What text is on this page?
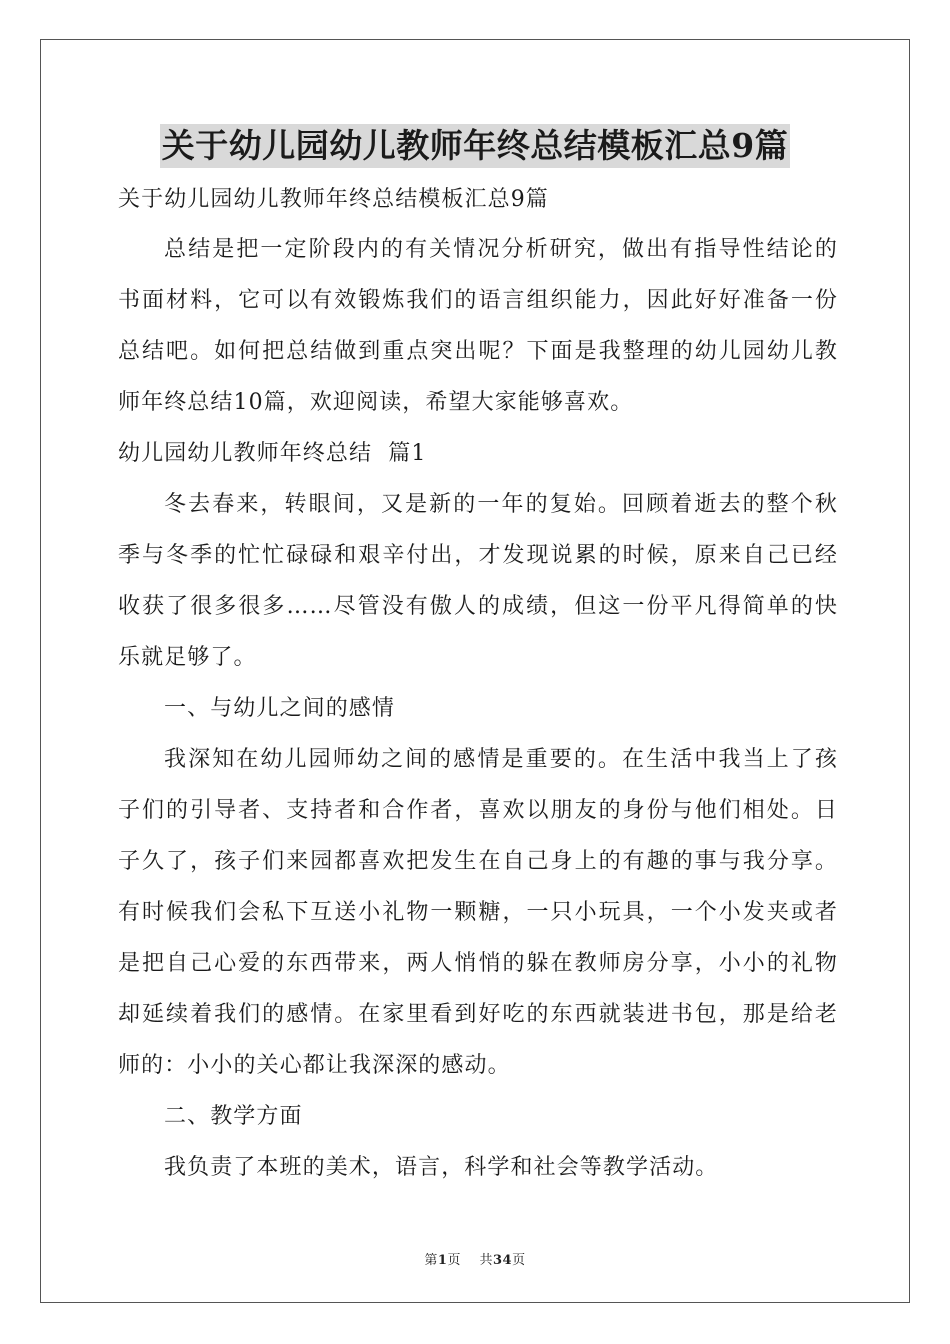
关于幼儿园幼儿教师年终总结模板汇总9篇
关于幼儿园幼儿教师年终总结模板汇总9篇
总结是把一定阶段内的有关情况分析研究，做出有指导性结论的
书面材料，它可以有效锻炼我们的语言组织能力，因此好好准备一份
总结吧。如何把总结做到重点突出呢？下面是我整理的幼儿园幼儿教
师年终总结10篇，欢迎阅读，希望大家能够喜欢。
幼儿园幼儿教师年终总结  篇1
冬去春来，转眼间，又是新的一年的复始。回顾着逝去的整个秋
季与冬季的忙忙碌碌和艰辛付出，才发现说累的时候，原来自己已经
收获了很多很多……尽管没有傲人的成绩，但这一份平凡得简单的快
乐就足够了。
一、与幼儿之间的感情
我深知在幼儿园师幼之间的感情是重要的。在生活中我当上了孩
子们的引导者、支持者和合作者，喜欢以朋友的身份与他们相处。日
子久了，孩子们来园都喜欢把发生在自己身上的有趣的事与我分享。
有时候我们会私下互送小礼物一颗糖，一只小玩具，一个小发夹或者
是把自己心爱的东西带来，两人悄悄的躲在教师房分享，小小的礼物
却延续着我们的感情。在家里看到好吃的东西就装进书包，那是给老
师的：小小的关心都让我深深的感动。
二、教学方面
我负责了本班的美术，语言，科学和社会等教学活动。
第1页    共34页
